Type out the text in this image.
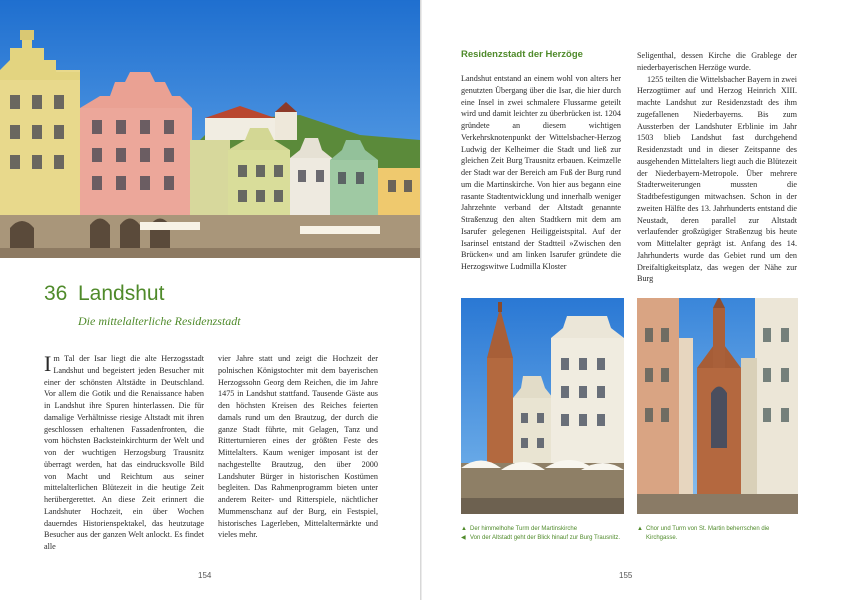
36 Landshut
Die mittelalterliche Residenzstadt

Im Tal der Isar liegt die alte Herzogsstadt Landshut und begeistert jeden Besucher mit einer der schönsten Altstädte in Deutschland. Vor allem die Gotik und die Renaissance haben in Landshut ihre Spuren hinterlassen. Die für damalige Verhältnisse riesige Altstadt mit ihren geschlossen erhaltenen Fassadenfronten, die vom höchsten Backsteinkirchturm der Welt und von der wuchtigen Herzogsburg Trausnitz überragt werden, hat das eindrucksvolle Bild von Macht und Reichtum aus seiner mittelalterlichen Blütezeit in die heutige Zeit herübergerettet. An diese Zeit erinnert die Landshuter Hochzeit, ein über Wochen dauerndes Historienspektakel, das heutzutage Besucher aus der ganzen Welt anlockt. Es findet alle

vier Jahre statt und zeigt die Hochzeit der polnischen Königstochter mit dem bayerischen Herzogssohn Georg dem Reichen, die im Jahre 1475 in Landshut stattfand. Tausende Gäste aus den höchsten Kreisen des Reiches feierten damals rund um den Brautzug, der durch die ganze Stadt führte, mit Gelagen, Tanz und Ritterturnieren eines der größten Feste des Mittelalters. Kaum weniger imposant ist der nachgestellte Brautzug, den über 2000 Landshuter Bürger in historischen Kostümen begleiten. Das Rahmenprogramm bieten unter anderem Reiter- und Ritterspiele, nächtlicher Mummenschanz auf der Burg, ein Festspiel, historisches Lagerleben, Mittelaltermärkte und vieles mehr.

154
Residenzstadt der Herzöge

Landshut entstand an einem wohl von alters her genutzten Übergang über die Isar, die hier durch eine Insel in zwei schmalere Flussarme geteilt wird und damit leichter zu überbrücken ist. 1204 gründete an diesem wichtigen Verkehrsknotenpunkt der Wittelsbacher-Herzog Ludwig der Kelheimer die Stadt und ließ zur gleichen Zeit Burg Trausnitz erbauen. Keimzelle der Stadt war der Bereich am Fuß der Burg rund um die Martinskirche. Von hier aus begann eine rasante Stadtentwicklung und innerhalb weniger Jahrzehnte verband der Altstadt genannte Straßenzug den alten Stadtkern mit dem am Isarufer gelegenen Heiliggeistspital. Auf der Isarinsel entstand der Stadtteil »Zwischen den Brücken« und am linken Isarufer gründete die Herzogswitwe Ludmilla Kloster

Seligenthal, dessen Kirche die Grablege der niederbayerischen Herzöge wurde.

1255 teilten die Wittelsbacher Bayern in zwei Herzogtümer auf und Herzog Heinrich XIII. machte Landshut zur Residenzstadt des ihm zugefallenen Niederbayerns. Bis zum Aussterben der Landshuter Erblinie im Jahr 1503 blieb Landshut fast durchgehend Residenzstadt und in dieser Zeitspanne des ausgehenden Mittelalters liegt auch die Blütezeit der Niederbayern-Metropole. Über mehrere Stadterweiterungen mussten die Stadtbefestigungen mitwachsen. Schon in der zweiten Hälfte des 13. Jahrhunderts entstand die Neustadt, deren parallel zur Altstadt verlaufender großzügiger Straßenzug bis heute vom Mittelalter geprägt ist. Anfang des 14. Jahrhunderts wurde das Gebiet rund um den Dreifaltigkeitsplatz, das wegen der Nähe zur Burg

▲ Der himmelhohe Turm der Martinskirche
◀ Von der Altstadt geht der Blick hinauf zur Burg Trausnitz.
▲ Chor und Turm von St. Martin beherrschen die Kirchgasse.
155
